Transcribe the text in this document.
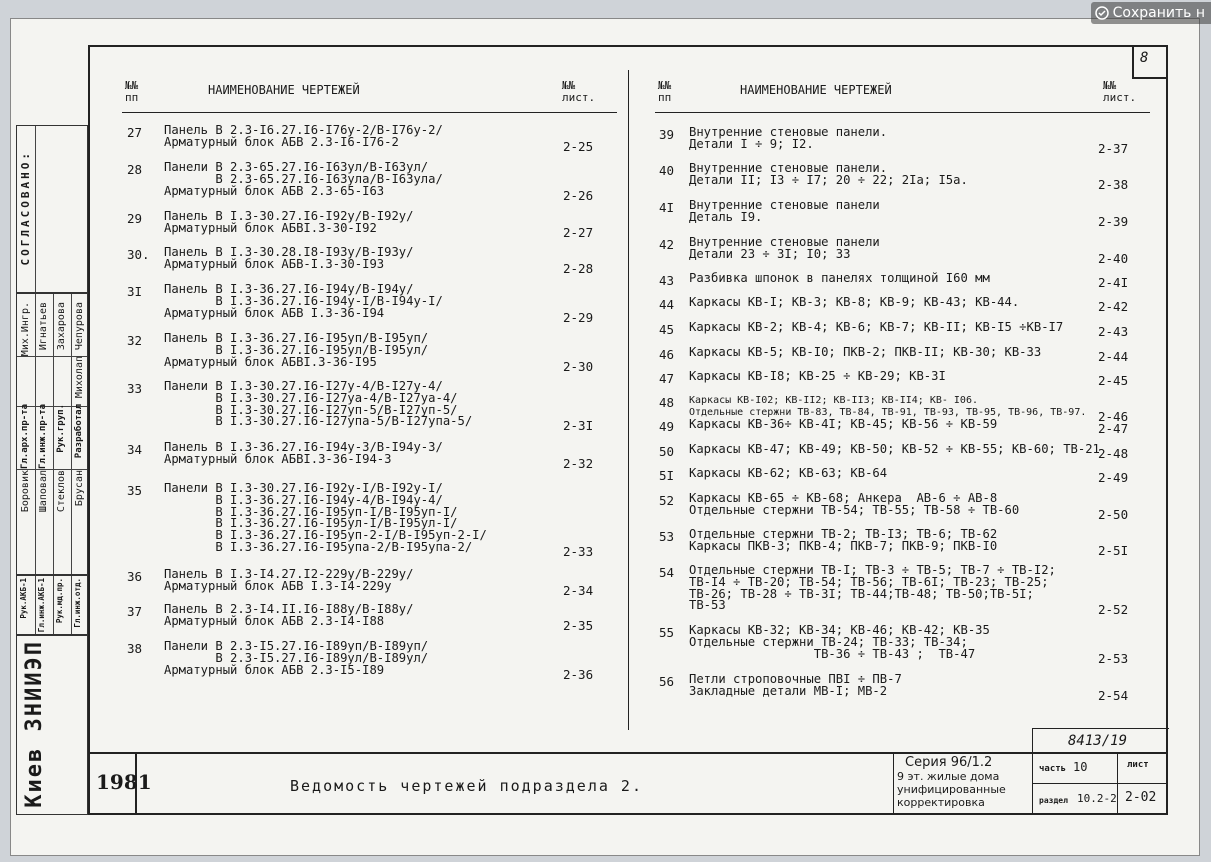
Сохранить н
СОГЛАСОВАНО:
Мих.Ингр. Игнатьев Захарова Чепурова
Михолап
Гл.арх.пр-та Гл.инж.пр-та Рук.груп. Разработал
Боровик Шаповал Стеклов Брусан
Рук.АКБ-1 Гл.инж.АКБ-1 Рук.мд.пр. Гл.инж.отд.
Киев ЗНИИЭП
8
№№ пп
НАИМЕНОВАНИЕ ЧЕРТЕЖЕЙ	№№ лист.
№№ пп
НАИМЕНОВАНИЕ ЧЕРТЕЖЕЙ	№№ лист.
27 Панель В 2.3-I6.27.I6-I76у-2/В-I76у-2/
Арматурный блок АБВ 2.3-I6-I76-2	2-25
28 Панели В 2.3-65.27.I6-I63ул/В-I63ул/
В 2.3-65.27.I6-I63ула/В-I63ула/
Арматурный блок АБВ 2.3-65-I63	2-26
29 Панель В I.3-30.27.I6-I92у/В-I92у/
Арматурный блок АБВI.3-30-I92	2-27
30. Панель В I.3-30.28.I8-I93у/В-I93у/
Арматурный блок АБВ-I.3-30-I93	2-28
3I Панель В I.3-36.27.I6-I94у/В-I94у/
В I.3-36.27.I6-I94у-I/В-I94у-I/
Арматурный блок АБВ I.3-36-I94	2-29
32 Панель В I.3-36.27.I6-I95уп/В-I95уп/
В I.3-36.27.I6-I95ул/В-I95ул/
Арматурный блок АБВI.3-36-I95	2-30
33 Панели В I.3-30.27.I6-I27у-4/В-I27у-4/
В I.3-30.27.I6-I27уа-4/В-I27уа-4/
В I.3-30.27.I6-I27уп-5/В-I27уп-5/
В I.3-30.27.I6-I27упа-5/В-I27упа-5/	2-3I
34 Панель В I.3-36.27.I6-I94у-3/В-I94у-3/
Арматурный блок АБВI.3-36-I94-3	2-32
35 Панели В I.3-30.27.I6-I92у-I/В-I92у-I/
В I.3-36.27.I6-I94у-4/В-I94у-4/
В I.3-36.27.I6-I95уп-I/В-I95уп-I/
В I.3-36.27.I6-I95ул-I/В-I95ул-I/
В I.3-36.27.I6-I95уп-2-I/В-I95уп-2-I/
В I.3-36.27.I6-I95упа-2/В-I95упа-2/	2-33
36 Панель В I.3-I4.27.I2-229у/В-229у/
Арматурный блок АБВ I.3-I4-229у	2-34
37 Панель В 2.3-I4.II.I6-I88у/В-I88у/
Арматурный блок АБВ 2.3-I4-I88	2-35
38 Панели В 2.3-I5.27.I6-I89уп/В-I89уп/
В 2.3-I5.27.I6-I89ул/В-I89ул/
Арматурный блок АБВ 2.3-I5-I89	2-36
39 Внутренние стеновые панели.
Детали I ÷ 9; I2.	2-37
40 Внутренние стеновые панели.
Детали II; I3 ÷ I7; 20 ÷ 22; 2Iа; I5а.	2-38
4I Внутренние стеновые панели
Деталь I9.	2-39
42 Внутренние стеновые панели
Детали 23 ÷ 3I; I0; 33	2-40
43 Разбивка шпонок в панелях толщиной I60 мм	2-4I
44 Каркасы КВ-I; КВ-3; КВ-8; КВ-9; КВ-43; КВ-44.	2-42
45 Каркасы КВ-2; КВ-4; КВ-6; КВ-7; КВ-II; КВ-I5 ÷КВ-I7	2-43
46 Каркасы КВ-5; КВ-I0; ПКВ-2; ПКВ-II; КВ-30; КВ-33	2-44
47 Каркасы КВ-I8; КВ-25 ÷ КВ-29; КВ-3I	2-45
48 Каркасы КВ-I02; КВ-II2; КВ-II3; КВ-II4; КВ- I06.
Отдельные стержни ТВ-83, ТВ-84, ТВ-91, ТВ-93, ТВ-95, ТВ-96, ТВ-97. 2-46
49 Каркасы КВ-36÷ КВ-4I; КВ-45; КВ-56 ÷ КВ-59	2-47
50 Каркасы КВ-47; КВ-49; КВ-50; КВ-52 ÷ КВ-55; КВ-60; ТВ-21
2-48
5I Каркасы КВ-62; КВ-63; КВ-64	2-49
52 Каркасы КВ-65 ÷ КВ-68; Анкера  АВ-6 ÷ АВ-8
Отдельные стержни ТВ-54; ТВ-55; ТВ-58 ÷ ТВ-60	2-50
53 Отдельные стержни ТВ-2; ТВ-I3; ТВ-6; ТВ-62
Каркасы ПКВ-3; ПКВ-4; ПКВ-7; ПКВ-9; ПКВ-I0	2-5I
54 Отдельные стержни ТВ-I; ТВ-3 ÷ ТВ-5; ТВ-7 ÷ ТВ-I2;
ТВ-I4 ÷ ТВ-20; ТВ-54; ТВ-56; ТВ-6I; ТВ-23; ТВ-25;
ТВ-26; ТВ-28 ÷ ТВ-3I; ТВ-44;ТВ-48; ТВ-50;ТВ-5I;
ТВ-53	2-52
55 Каркасы КВ-32; КВ-34; КВ-46; КВ-42; КВ-35
Отдельные стержни ТВ-24; ТВ-33; ТВ-34;
ТВ-36 ÷ ТВ-43 ;  ТВ-47	2-53
56 Петли строповочные ПВI ÷ ПВ-7
Закладные детали МВ-I; МВ-2	2-54
8413/19
1981	Ведомость чертежей подраздела 2.
Серия 96/1.2
9 эт. жилые дома
унифицированные
корректировка
часть 10
раздел 10.2-2
лист
2-02
